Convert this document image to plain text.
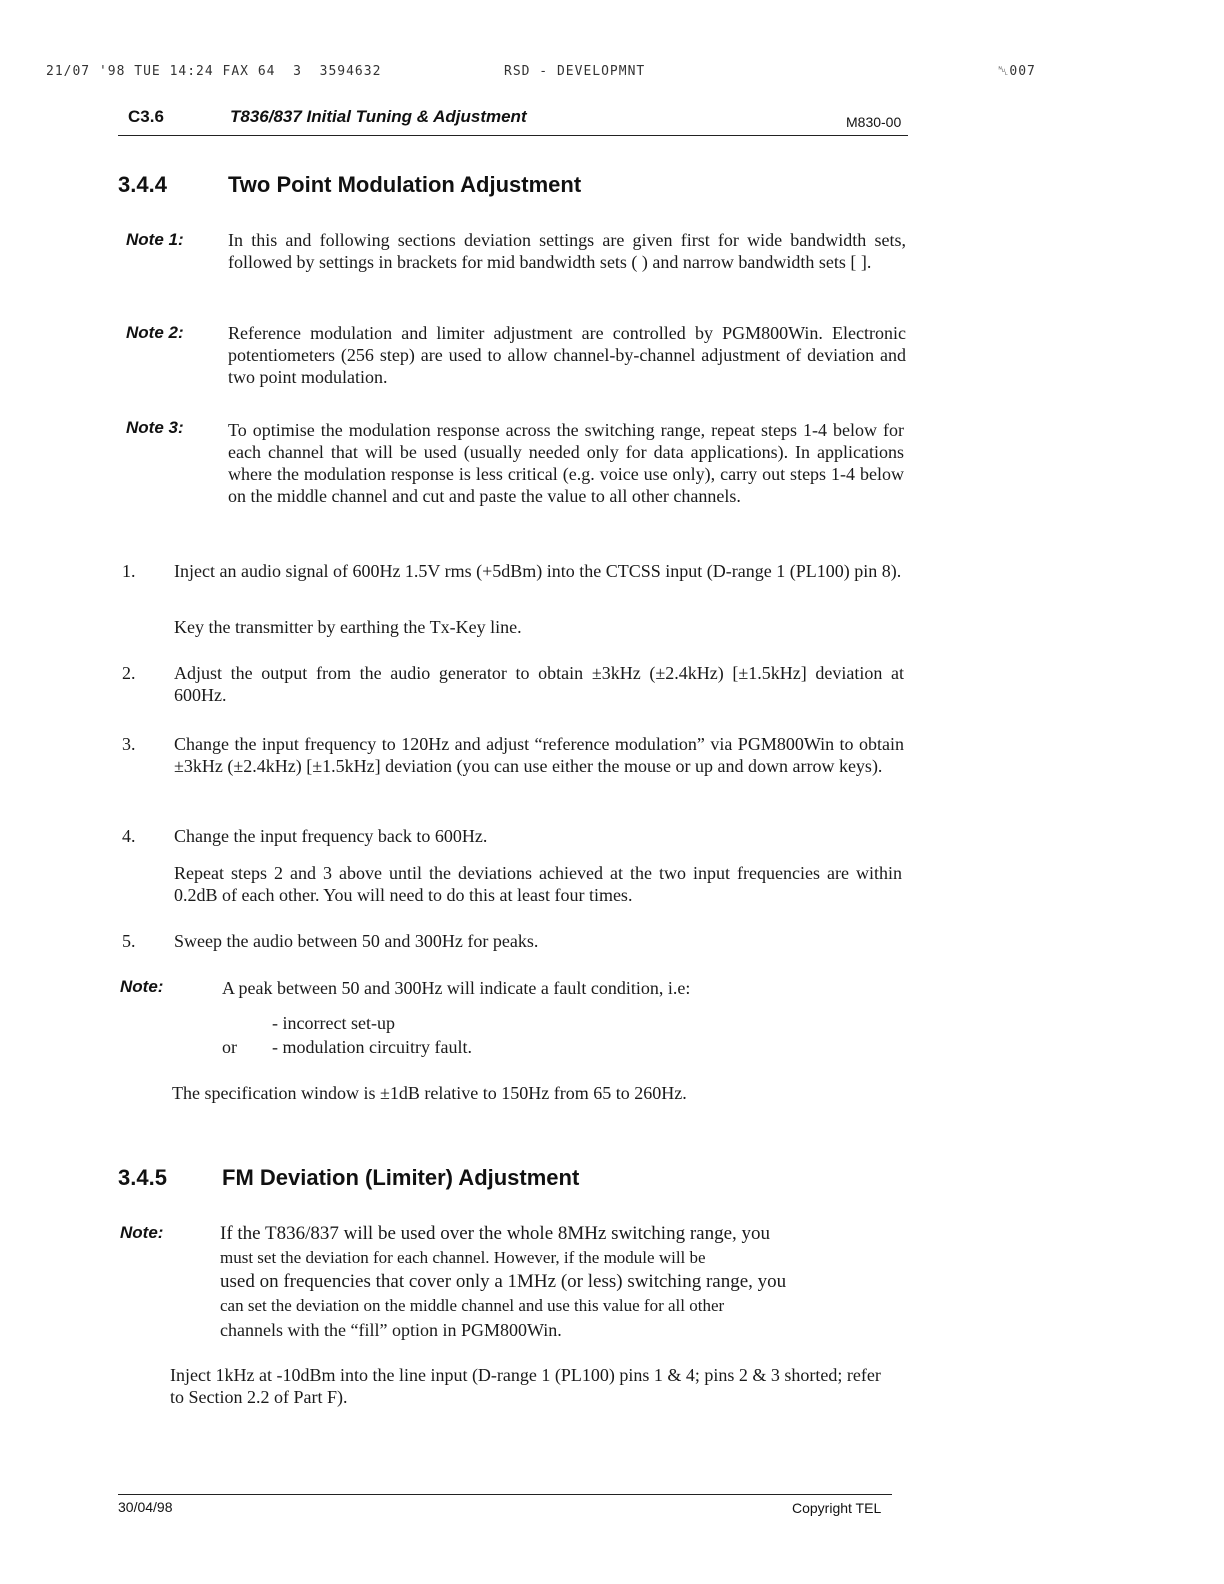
21/07 '98 TUE 14:24 FAX 64  3  3594632	RSD - DEVELOPMNT	␀007
C3.6	T836/837 Initial Tuning & Adjustment	M830-00
3.4.4	Two Point Modulation Adjustment
Note 1: In this and following sections deviation settings are given first for wide bandwidth sets, followed by settings in brackets for mid bandwidth sets ( ) and narrow bandwidth sets [ ].
Note 2: Reference modulation and limiter adjustment are controlled by PGM800Win. Electronic potentiometers (256 step) are used to allow channel-by-channel adjustment of deviation and two point modulation.
Note 3: To optimise the modulation response across the switching range, repeat steps 1-4 below for each channel that will be used (usually needed only for data applications). In applications where the modulation response is less critical (e.g. voice use only), carry out steps 1-4 below on the middle channel and cut and paste the value to all other channels.
1. Inject an audio signal of 600Hz 1.5V rms (+5dBm) into the CTCSS input (D-range 1 (PL100) pin 8).
Key the transmitter by earthing the Tx-Key line.
2. Adjust the output from the audio generator to obtain ±3kHz (±2.4kHz) [±1.5kHz] deviation at 600Hz.
3. Change the input frequency to 120Hz and adjust “reference modulation” via PGM800Win to obtain ±3kHz (±2.4kHz) [±1.5kHz] deviation (you can use either the mouse or up and down arrow keys).
4. Change the input frequency back to 600Hz.
Repeat steps 2 and 3 above until the deviations achieved at the two input frequencies are within 0.2dB of each other. You will need to do this at least four times.
5. Sweep the audio between 50 and 300Hz for peaks.
Note:	A peak between 50 and 300Hz will indicate a fault condition, i.e:
- incorrect set-up
or - modulation circuitry fault.
The specification window is ±1dB relative to 150Hz from 65 to 260Hz.
3.4.5	FM Deviation (Limiter) Adjustment
Note:	If the T836/837 will be used over the whole 8MHz switching range, you
must set the deviation for each channel. However, if the module will be
used on frequencies that cover only a 1MHz (or less) switching range, you
can set the deviation on the middle channel and use this value for all other
channels with the “fill” option in PGM800Win.
Inject 1kHz at -10dBm into the line input (D-range 1 (PL100) pins 1 & 4; pins 2 & 3 shorted; refer to Section 2.2 of Part F).
30/04/98	Copyright TEL
